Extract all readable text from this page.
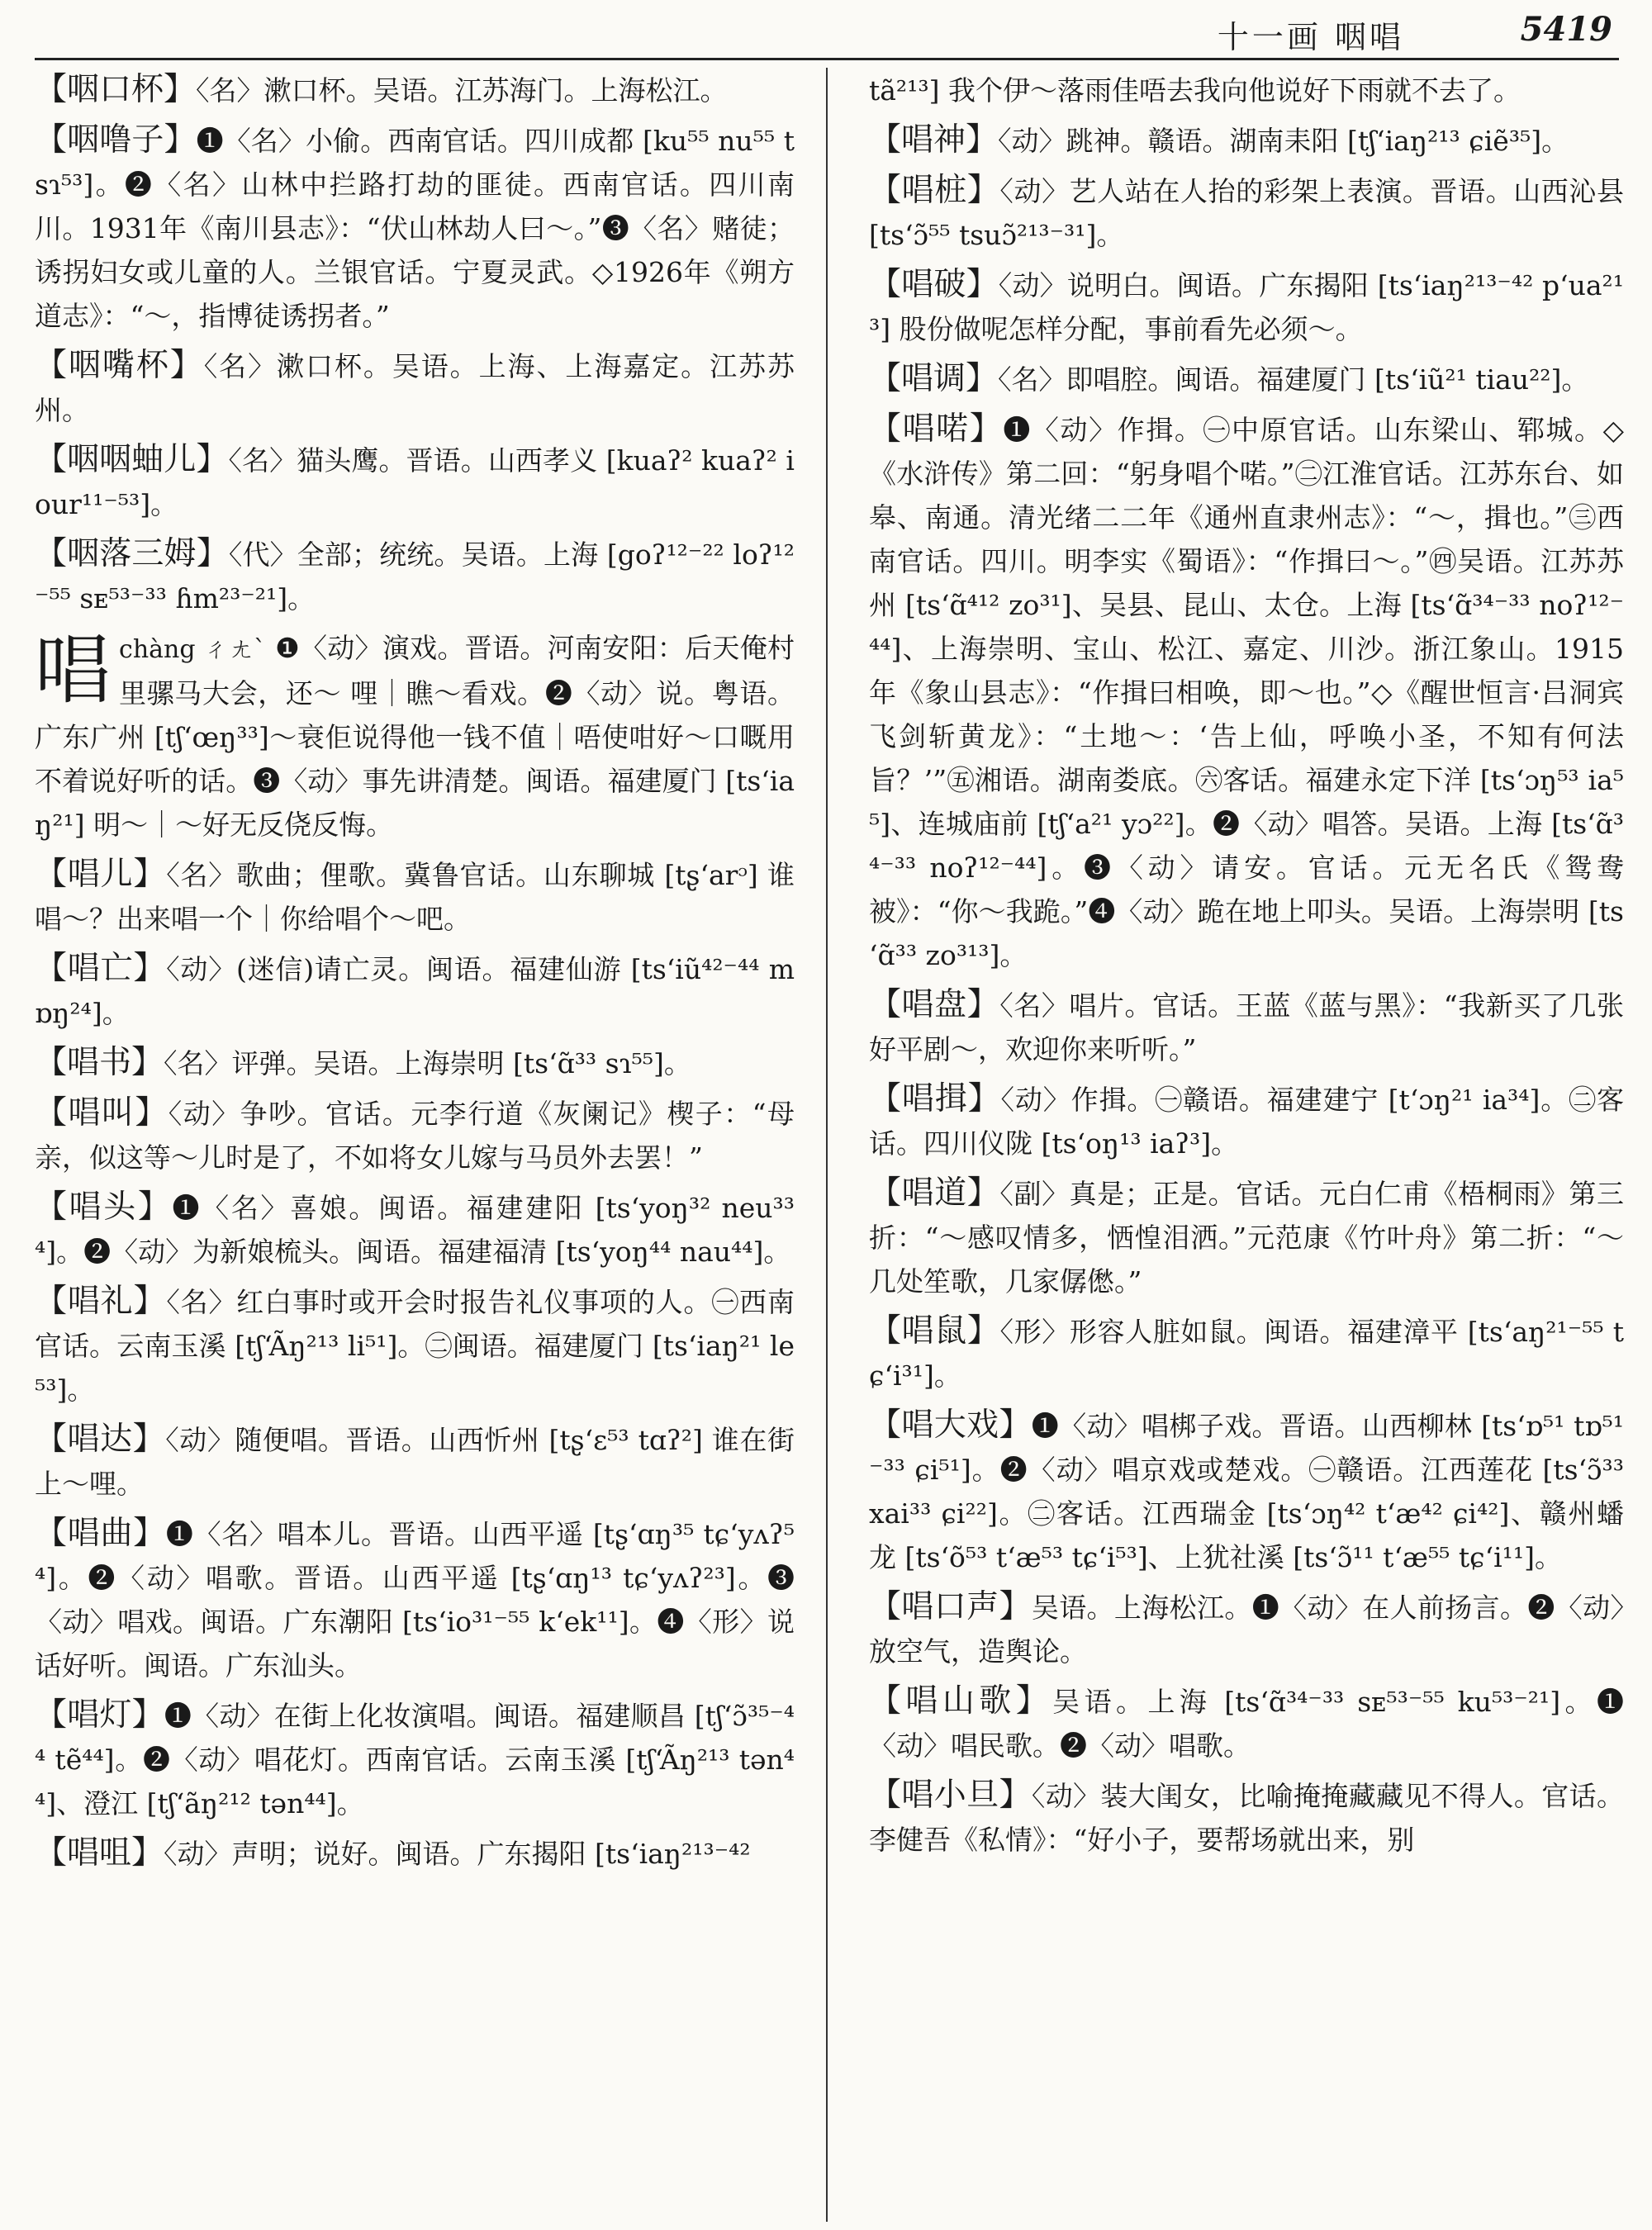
十一画 咽唱	5419
【咽口杯】〈名〉漱口杯。吴语。江苏海门。上海松江。
【咽噜子】❶〈名〉小偷。西南官话。四川成都 [ku⁵⁵ nu⁵⁵ tsɿ⁵³]。❷〈名〉山林中拦路打劫的匪徒。西南官话。四川南川。1931年《南川县志》：“伏山林劫人曰～。”❸〈名〉赌徒；诱拐妇女或儿童的人。兰银官话。宁夏灵武。◇1926年《朔方道志》：“～，指博徒诱拐者。”
【咽嘴杯】〈名〉漱口杯。吴语。上海、上海嘉定。江苏苏州。
【咽咽蚰儿】〈名〉猫头鹰。晋语。山西孝义 [kuaʔ² kuaʔ² iour¹¹⁻⁵³]。
【咽落三姆】〈代〉全部；统统。吴语。上海 [goʔ¹²⁻²² loʔ¹²⁻⁵⁵ sᴇ⁵³⁻³³ ɦm²³⁻²¹]。
唱 chàng ㄔㄤˋ ❶〈动〉演戏。晋语。河南安阳：后天俺村里骡马大会，还～ 哩｜瞧～看戏。❷〈动〉说。粤语。广东广州 [tʃʻœŋ³³]～衰佢说得他一钱不值｜唔使咁好～口嘅用不着说好听的话。❸〈动〉事先讲清楚。闽语。福建厦门 [tsʻiaŋ²¹] 明～｜～好无反侥反悔。
【唱儿】〈名〉歌曲；俚歌。冀鲁官话。山东聊城 [tʂʻarᵓ] 谁唱～？出来唱一个｜你给唱个～吧。
【唱亡】〈动〉(迷信)请亡灵。闽语。福建仙游 [tsʻiũ⁴²⁻⁴⁴ mɒŋ²⁴]。
【唱书】〈名〉评弹。吴语。上海崇明 [tsʻɑ̃³³ sɿ⁵⁵]。
【唱叫】〈动〉争吵。官话。元李行道《灰阑记》楔子：“母亲，似这等～儿时是了，不如将女儿嫁与马员外去罢！”
【唱头】❶〈名〉喜娘。闽语。福建建阳 [tsʻyoŋ³² neu³³⁴]。❷〈动〉为新娘梳头。闽语。福建福清 [tsʻyoŋ⁴⁴ nau⁴⁴]。
【唱礼】〈名〉红白事时或开会时报告礼仪事项的人。㊀西南官话。云南玉溪 [tʃʻÃŋ²¹³ li⁵¹]。㊁闽语。福建厦门 [tsʻiaŋ²¹ le⁵³]。
【唱达】〈动〉随便唱。晋语。山西忻州 [tʂʻɛ⁵³ tɑʔ²] 谁在街上～哩。
【唱曲】❶〈名〉唱本儿。晋语。山西平遥 [tʂʻɑŋ³⁵ tɕʻyʌʔ⁵⁴]。❷〈动〉唱歌。晋语。山西平遥 [tʂʻɑŋ¹³ tɕʻyʌʔ²³]。❸〈动〉唱戏。闽语。广东潮阳 [tsʻio³¹⁻⁵⁵ kʻek¹¹]。❹〈形〉说话好听。闽语。广东汕头。
【唱灯】❶〈动〉在街上化妆演唱。闽语。福建顺昌 [tʃʻɔ̃³⁵⁻⁴⁴ tẽ⁴⁴]。❷〈动〉唱花灯。西南官话。云南玉溪 [tʃʻÃŋ²¹³ tən⁴⁴]、澄江 [tʃʻãŋ²¹² tən⁴⁴]。
【唱咀】〈动〉声明；说好。闽语。广东揭阳 [tsʻiaŋ²¹³⁻⁴²
tã²¹³] 我个伊～落雨佳唔去我向他说好下雨就不去了。
【唱神】〈动〉跳神。赣语。湖南耒阳 [tʃʻiaŋ²¹³ ɕiẽ³⁵]。
【唱桩】〈动〉艺人站在人抬的彩架上表演。晋语。山西沁县 [tsʻɔ̃⁵⁵ tsuɔ̃²¹³⁻³¹]。
【唱破】〈动〉说明白。闽语。广东揭阳 [tsʻiaŋ²¹³⁻⁴² pʻua²¹³] 股份做呢怎样分配，事前看先必须～。
【唱调】〈名〉即唱腔。闽语。福建厦门 [tsʻiũ²¹ tiau²²]。
【唱喏】❶〈动〉作揖。㊀中原官话。山东梁山、郓城。◇《水浒传》第二回：“躬身唱个喏。”㊁江淮官话。江苏东台、如皋、南通。清光绪二二年《通州直隶州志》：“～，揖也。”㊂西南官话。四川。明李实《蜀语》：“作揖曰～。”㊃吴语。江苏苏州 [tsʻɑ̃⁴¹² zo³¹]、吴县、昆山、太仓。上海 [tsʻɑ̃³⁴⁻³³ noʔ¹²⁻⁴⁴]、上海崇明、宝山、松江、嘉定、川沙。浙江象山。1915年《象山县志》：“作揖曰相唤，即～也。”◇《醒世恒言·吕洞宾飞剑斩黄龙》：“土地～：‘告上仙，呼唤小圣，不知有何法旨？’”㊄湘语。湖南娄底。㊅客话。福建永定下洋 [tsʻɔŋ⁵³ ia⁵⁵]、连城庙前 [tʃʻa²¹ yɔ²²]。❷〈动〉唱答。吴语。上海 [tsʻɑ̃³⁴⁻³³ noʔ¹²⁻⁴⁴]。❸〈动〉请安。官话。元无名氏《鸳鸯被》：“你～我跪。”❹〈动〉跪在地上叩头。吴语。上海崇明 [tsʻɑ̃³³ zo³¹³]。
【唱盘】〈名〉唱片。官话。王蓝《蓝与黑》：“我新买了几张好平剧～，欢迎你来听听。”
【唱揖】〈动〉作揖。㊀赣语。福建建宁 [tʻɔŋ²¹ ia³⁴]。㊁客话。四川仪陇 [tsʻoŋ¹³ iaʔ³]。
【唱道】〈副〉真是；正是。官话。元白仁甫《梧桐雨》第三折：“～感叹情多，恓惶泪洒。”元范康《竹叶舟》第二折：“～几处笙歌，几家僝僽。”
【唱鼠】〈形〉形容人脏如鼠。闽语。福建漳平 [tsʻaŋ²¹⁻⁵⁵ tɕʻi³¹]。
【唱大戏】❶〈动〉唱梆子戏。晋语。山西柳林 [tsʻɒ⁵¹ tɒ⁵¹⁻³³ ɕi⁵¹]。❷〈动〉唱京戏或楚戏。㊀赣语。江西莲花 [tsʻɔ̃³³ xai³³ ɕi²²]。㊁客话。江西瑞金 [tsʻɔŋ⁴² tʻæ⁴² ɕi⁴²]、赣州蟠龙 [tsʻõ⁵³ tʻæ⁵³ tɕʻi⁵³]、上犹社溪 [tsʻɔ̃¹¹ tʻæ⁵⁵ tɕʻi¹¹]。
【唱口声】吴语。上海松江。❶〈动〉在人前扬言。❷〈动〉放空气，造舆论。
【唱山歌】吴语。上海 [tsʻɑ̃³⁴⁻³³ sᴇ⁵³⁻⁵⁵ ku⁵³⁻²¹]。❶〈动〉唱民歌。❷〈动〉唱歌。
【唱小旦】〈动〉装大闺女，比喻掩掩藏藏见不得人。官话。李健吾《私情》：“好小子，要帮场就出来，别
